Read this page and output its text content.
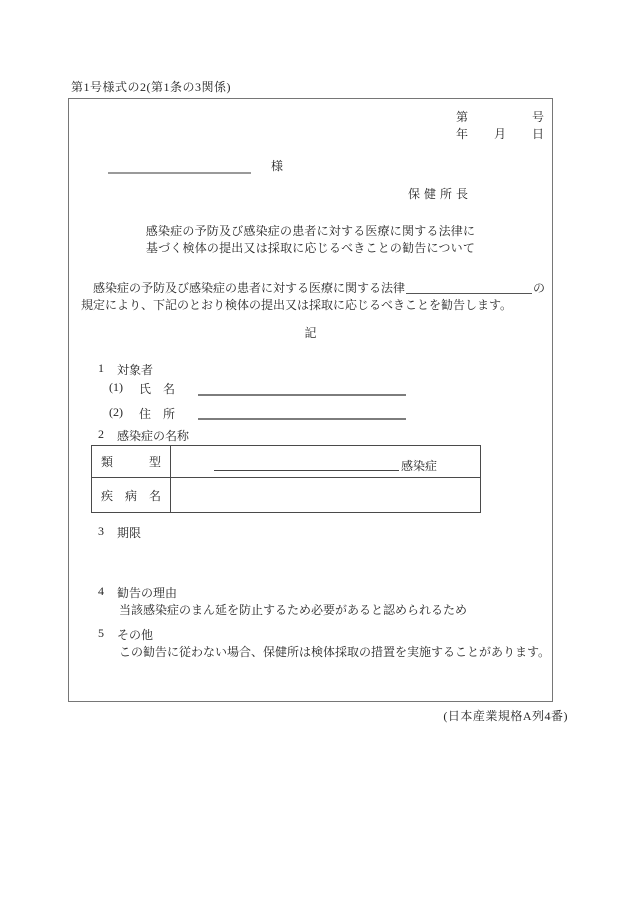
第1号様式の2(第1条の3関係)
第	号
年 月 日
様
保健所長
感染症の予防及び感染症の患者に対する医療に関する法律に
基づく検体の提出又は採取に応じるべきことの勧告について
　感染症の予防及び感染症の患者に対する医療に関する法律	の
規定により、下記のとおり検体の提出又は採取に応じるべきことを勧告します。
記
1	対象者
(1)	氏　名
(2)	住　所
2	感染症の名称
類　　　型	感染症

疾　病　名	
3	期限
4	勧告の理由
当該感染症のまん延を防止するため必要があると認められるため
5	その他
この勧告に従わない場合、保健所は検体採取の措置を実施することがあります。
(日本産業規格A列4番)
